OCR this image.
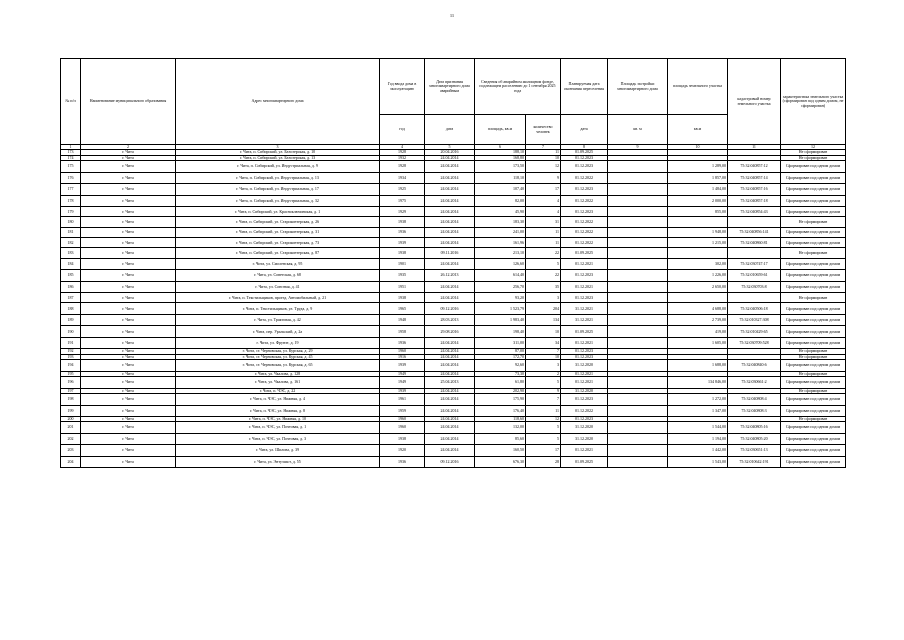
11
№ п/п	Наименование муниципального образования	Адрес многоквартирного дома	Год ввода дома в эксплуатацию	Дата признания многоквартирного дома аварийным	Сведения об аварийном жилищном фонде, подлежащем расселению до 1 сентября 2025 года		Планируемая дата окончания переселения	Площадь застройки многоквартирного дома	площадь земельного участка	кадастровый номер земельного участка	характеристика земельного участка (сформирован под одним домом, не сформирован)
			год	дата	площадь, кв.м	количество человек	дата	кв. м	кв.м		
1	2	3	4	5	6	7	8	9	10	11	12
173	г. Чита	г. Чита, п. Сибирский, ул. Белозерская, д. 10	1928	20.04.2016	188,10	11	01.09.2025				Не сформирован
174	г. Чита	г. Чита, п. Сибирский, ул. Белозерская, д. 13	1932	24.04.2014	168,80	10	01.12.2023				Не сформирован
175	г. Чита	г. Чита, п. Сибирский, ул. Индустриальная, д. 9	1928	24.04.2014	173,50	12	01.12.2023		1 289,00	75:32:040857:12	Сформирован под одним домом
176	г. Чита	г. Чита, п. Сибирский, ул. Индустриальная, д. 13	1934	24.04.2014	118,10	9	01.12.2022		1 857,00	75:32:040857:14	Сформирован под одним домом
177	г. Чита	г. Чита, п. Сибирский, ул. Индустриальная, д. 17	1925	24.04.2014	107,40	17	01.12.2023		1 484,00	75:32:040857:16	Сформирован под одним домом
178	г. Чита	г. Чита, п. Сибирский, ул. Индустриальная, д. 32	1975	24.04.2014	82,00	4	01.12.2022		2 000,00	75:32:040857:18	Сформирован под одним домом
179	г. Чита	г. Чита, п. Сибирский, ул. Красноключинская, д. 1	1929	24.04.2014	45,90	4	01.12.2023		855,00	75:32:040854:43	Сформирован под одним домом
180	г. Чита	г. Чита, п. Сибирский, ул. Староконтерская, д. 26	1938	24.04.2014	183,30	31	01.12.2022				Не сформирован
181	г. Чита	г. Чита, п. Сибирский, ул. Староконтерская, д. 31	1936	24.04.2014	241,00	11	01.12.2022		1 948,00	75:32:040856:141	Сформирован под одним домом
182	г. Чита	г. Чита, п. Сибирский, ул. Староконтерская, д. 73	1939	24.04.2014	161,96	11	01.12.2022		1 215,00	75:32:040860:81	Сформирован под одним домом
183	г. Чита	г. Чита, п. Сибирский, ул. Староконтерская, д. 87	1938	09.11.2016	213,10	22	01.09.2025				Не сформирован
184	г. Чита	г. Чита, ул. Смоленская, д. 95	1901	24.04.2014	126,60	5	01.12.2021		302,00	75:32:030747:17	Сформирован под одним домом
185	г. Чита	г. Чита, ул. Советская, д. 68	1935	26.12.2013	614,40	22	01.12.2023		1 226,00	75:32:010659:61	Сформирован под одним домом
186	г. Чита	г. Чита, ул. Союзная, д. 41	1951	24.04.2014	256,70	35	01.12.2021		2 650,00	75:32:030703:8	Сформирован под одним домом
187	г. Чита	г. Чита, п. Текстильщиков, проезд. Автомобильный, д. 21	1938	24.04.2014	93,20	3	01.12.2023				Не сформирован
188	г. Чита	г. Чита, п. Текстильщиков, ул. Труда, д. 9	1965	09.12.2016	1 523,79	204	31.12.2021		4 688,00	75:32:040506:18	Сформирован под одним домом
189	г. Чита	г. Чита, ул. Трактовая, д. 42	1948	28.03.2013	1 983,40	134	31.12.2021		2 739,00	75:32:010327:308	Сформирован под одним домом
190	г. Чита	г. Чита, пер. Уральский, д. 2а	1958	29.08.2016	198,40	10	01.09.2025		419,00	75:32:010429:65	Сформирован под одним домом
191	г. Чита	г. Чита, ул. Фрунзе, д. 19	1936	24.04.2014	311,00	34	01.12.2021		1 605,00	75:32:030709:528	Сформирован под одним домом
192	г. Чита	г. Чита, ст. Черновская, ул. Курская, д. 29	1960	24.04.2014	87,00	7	01.12.2023				Не сформирован
193	г. Чита	г. Чита, ст. Черновская, ул. Курская, д. 45	1916	24.04.2014	172,70	10	01.12.2023				Не сформирован
194	г. Чита	г. Чита, ст. Черновская, ул. Курская, д. 65	1939	24.04.2014	92,60	3	31.12.2020		1 688,00	75:32:040840:6	Сформирован под одним домом
195	г. Чита	г. Чита, ул. Чкалова, д. 128	1949	24.04.2014	73,30	2	01.12.2021				Не сформирован
196	г. Чита	г. Чита, ул. Чкалова, д. 161	1949	25.04.2013	61,80	5	01.12.2021		134 846,00	75:32:030661:2	Сформирован под одним домом
197	г. Чита	г. Чита, п. ЧЭС, д. 22	1939	24.04.2014	202,90	9	31.12.2020				Не сформирован
198	г. Чита	г. Чита, п. ЧЭС, ул. Нижняя, д. 4	1961	24.04.2014	175,90	7	01.12.2023		1 272,00	75:32:040808:4	Сформирован под одним домом
199	г. Чита	г. Чита, п. ЧЭС, ул. Нижняя, д. 8	1959	24.04.2014	176,40	11	01.12.2022		1 347,00	75:32:040808:3	Сформирован под одним домом
200	г. Чита	г. Чита, п. ЧЭС, ул. Нижняя, д. 10	1960	24.04.2014	118,60	12	01.12.2023				Не сформирован
201	г. Чита	г. Чита, п. ЧЭС, ул. Почтовая, д. 1	1960	24.04.2014	132,00	5	31.12.2020		1 544,00	75:32:040805:16	Сформирован под одним домом
202	г. Чита	г. Чита, п. ЧЭС, ул. Почтовая, д. 3	1938	24.04.2014	85,60	5	31.12.2020		1 194,00	75:32:040805:20	Сформирован под одним домом
203	г. Чита	г. Чита, ул. Шилова, д. 39	1920	24.04.2014	160,50	17	01.12.2021		1 442,00	75:32:030651:13	Сформирован под одним домом
204	г. Чита	г. Чита, ул. Энтузиаст, д. 55	1936	09.12.2016	676,30	28	01.09.2025		1 543,00	75:32:010642:191	Сформирован под одним домом
